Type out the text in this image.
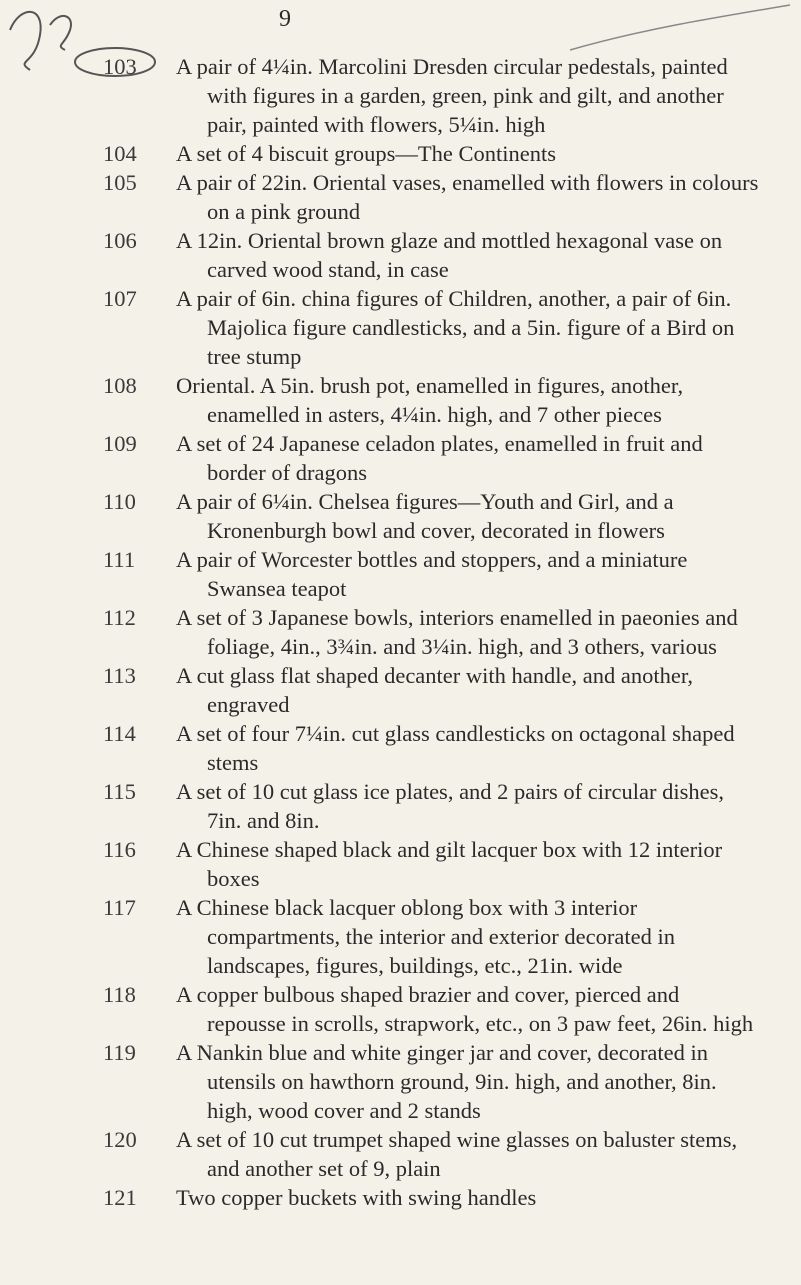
9
103	A pair of 4¼in. Marcolini Dresden circular pedestals, painted with figures in a garden, green, pink and gilt, and another pair, painted with flowers, 5¼in. high
104	A set of 4 biscuit groups—The Continents
105	A pair of 22in. Oriental vases, enamelled with flowers in colours on a pink ground
106	A 12in. Oriental brown glaze and mottled hexagonal vase on carved wood stand, in case
107	A pair of 6in. china figures of Children, another, a pair of 6in. Majolica figure candlesticks, and a 5in. figure of a Bird on tree stump
108	Oriental. A 5in. brush pot, enamelled in figures, another, enamelled in asters, 4¼in. high, and 7 other pieces
109	A set of 24 Japanese celadon plates, enamelled in fruit and border of dragons
110	A pair of 6¼in. Chelsea figures—Youth and Girl, and a Kronenburgh bowl and cover, decorated in flowers
111	A pair of Worcester bottles and stoppers, and a miniature Swansea teapot
112	A set of 3 Japanese bowls, interiors enamelled in paeonies and foliage, 4in., 3¾in. and 3¼in. high, and 3 others, various
113	A cut glass flat shaped decanter with handle, and another, engraved
114	A set of four 7¼in. cut glass candlesticks on octagonal shaped stems
115	A set of 10 cut glass ice plates, and 2 pairs of circular dishes, 7in. and 8in.
116	A Chinese shaped black and gilt lacquer box with 12 interior boxes
117	A Chinese black lacquer oblong box with 3 interior compartments, the interior and exterior decorated in landscapes, figures, buildings, etc., 21in. wide
118	A copper bulbous shaped brazier and cover, pierced and repousse in scrolls, strapwork, etc., on 3 paw feet, 26in. high
119	A Nankin blue and white ginger jar and cover, decorated in utensils on hawthorn ground, 9in. high, and another, 8in. high, wood cover and 2 stands
120	A set of 10 cut trumpet shaped wine glasses on baluster stems, and another set of 9, plain
121	Two copper buckets with swing handles
